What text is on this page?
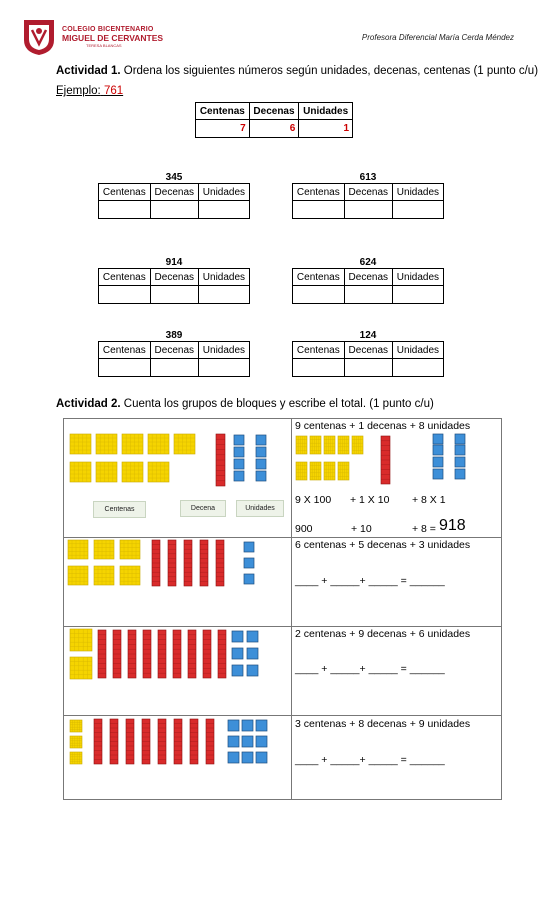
COLEGIO BICENTENARIO
MIGUEL DE CERVANTES
TERESA BLANCAS
Profesora Diferencial María Cerda Méndez
Actividad 1. Ordena los siguientes números según unidades, decenas, centenas (1 punto c/u)
Ejemplo: 761
Centenas	Decenas	Unidades
7	6	1
345
Centenas	Decenas	Unidades

613
Centenas	Decenas	Unidades

914
Centenas	Decenas	Unidades

624
Centenas	Decenas	Unidades

389
Centenas	Decenas	Unidades

124
Centenas	Decenas	Unidades

Actividad 2. Cuenta los grupos de bloques y escribe el total. (1 punto c/u)
9 centenas + 1 decenas + 8 unidades
9 X 100 + 1 X 10 + 8 X 1
900	+ 10	+ 8 = 918
6 centenas + 5 decenas + 3 unidades
____ + _____+ _____ = ______
2 centenas + 9 decenas + 6 unidades
____ + _____+ _____ = ______
3 centenas + 8 decenas + 9 unidades
____ + _____+ _____ = ______
Centenas	Decena	Unidades
